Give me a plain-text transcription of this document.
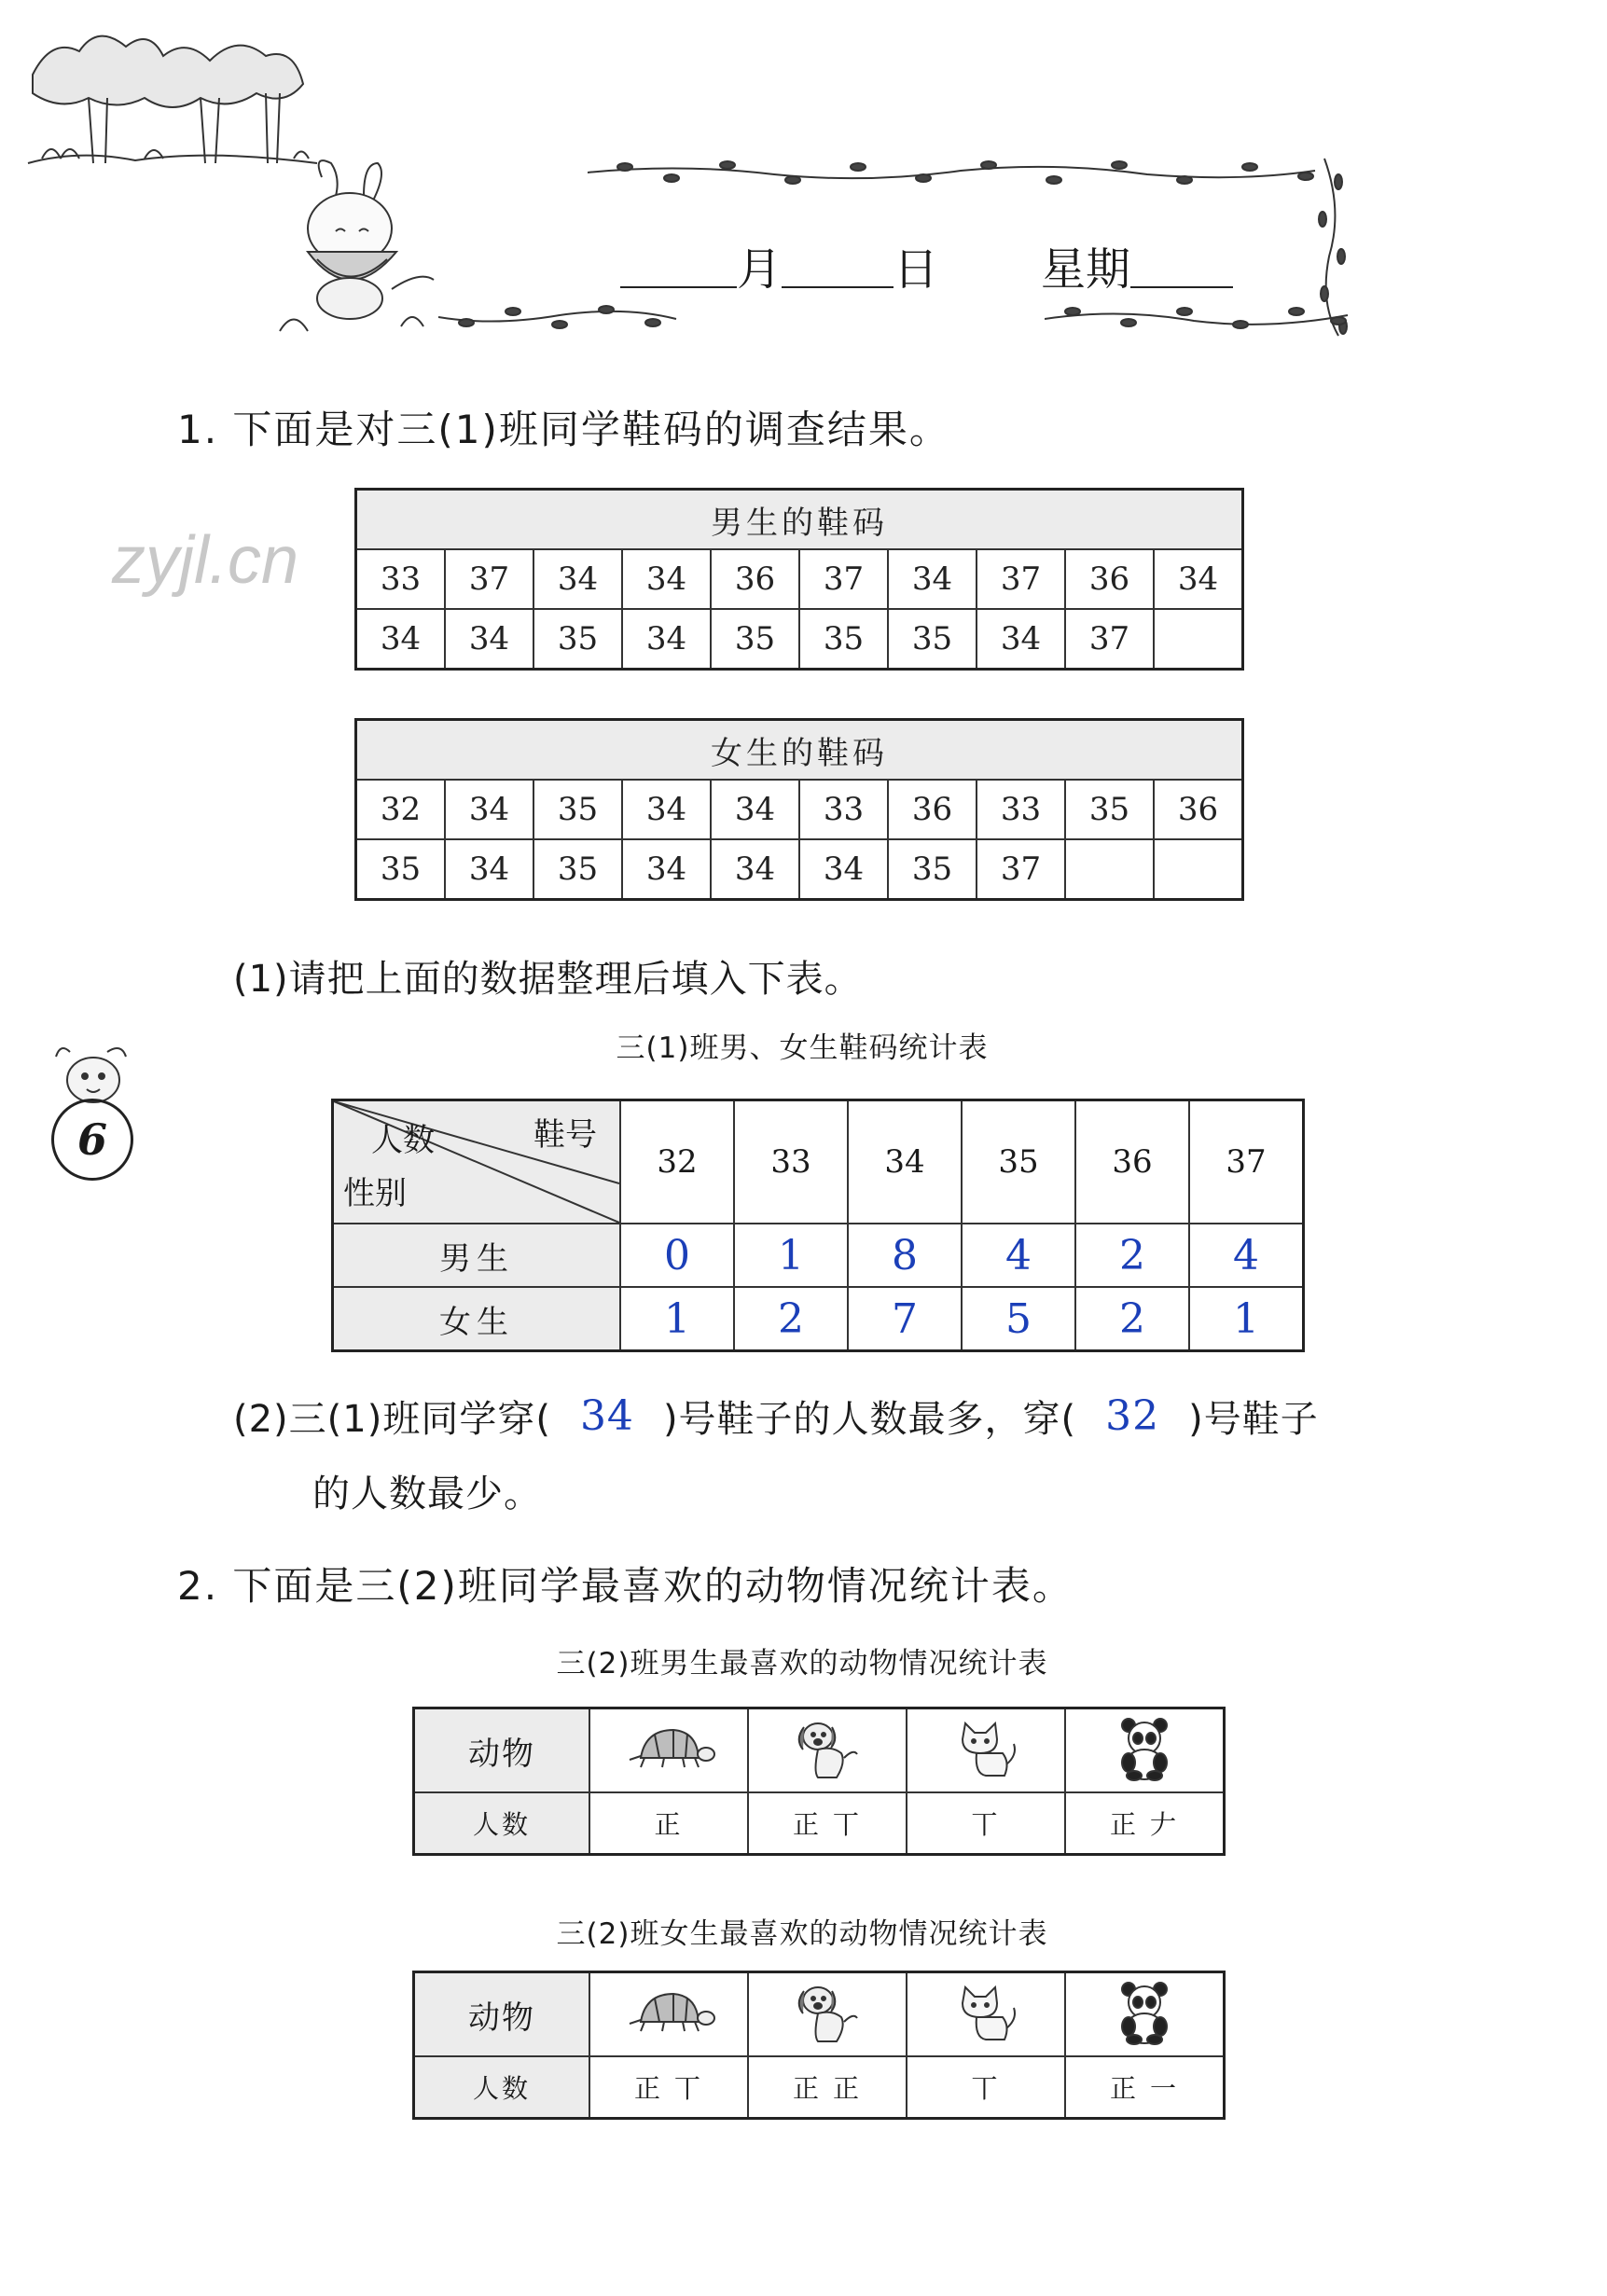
月	日 星期
zyjl.cn
1. 下面是对三(1)班同学鞋码的调查结果。
男生的鞋码									
33	37	34	34	36	37	34	37	36	34
34	34	35	34	35	35	35	34	37	
女生的鞋码									
32	34	35	34	34	33	36	33	35	36
35	34	35	34	34	34	35	37		
(1)请把上面的数据整理后填入下表。
三(1)班男、女生鞋码统计表
6	人数 鞋号
性别	32	33	34	35	36	37
男生	0	1	8	4	2	4
女生	1	2	7	5	2	1
(2)三(1)班同学穿( 34 )号鞋子的人数最多，穿( 32 )号鞋子
的人数最少。
2. 下面是三(2)班同学最喜欢的动物情况统计表。
三(2)班男生最喜欢的动物情况统计表
动物				
人数	正	正 丅	丅	正 𠂇
三(2)班女生最喜欢的动物情况统计表
动物				
人数	正 丅	正 正	丅	正 一
